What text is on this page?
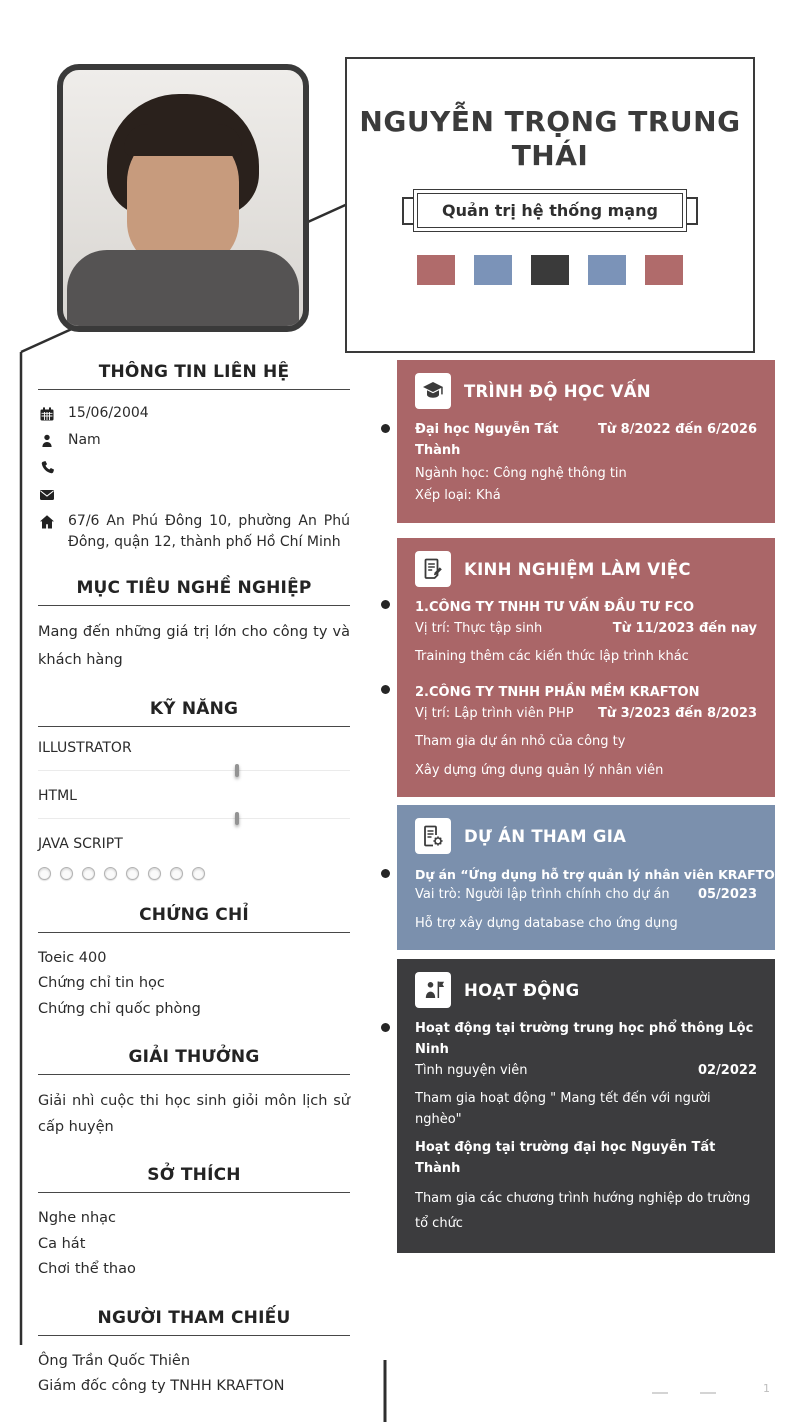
NGUYỄN TRỌNG TRUNG
THÁI
Quản trị hệ thống mạng
THÔNG TIN LIÊN HỆ
15/06/2004
Nam
67/6 An Phú Đông 10, phường An Phú Đông, quận 12, thành phố Hồ Chí Minh
MỤC TIÊU NGHỀ NGHIỆP

Mang đến những giá trị lớn cho công ty và khách hàng

KỸ NĂNG
ILLUSTRATOR
HTML
JAVA SCRIPT
CHỨNG CHỈ
Toeic 400
Chứng chỉ tin học
Chứng chỉ quốc phòng
GIẢI THƯỞNG

Giải nhì cuộc thi học sinh giỏi môn lịch sử cấp huyện

SỞ THÍCH
Nghe nhạc
Ca hát
Chơi thể thao
NGƯỜI THAM CHIẾU
Ông Trần Quốc Thiên
Giám đốc công ty TNHH KRAFTON
TRÌNH ĐỘ HỌC VẤN
Đại học Nguyễn Tất Thành
Từ 8/2022 đến 6/2026
Ngành học: Công nghệ thông tin
Xếp loại: Khá
KINH NGHIỆM LÀM VIỆC
1.CÔNG TY TNHH TƯ VẤN ĐẦU TƯ FCO
Vị trí: Thực tập sinh	Từ 11/2023 đến nay
Training thêm các kiến thức lập trình khác
2.CÔNG TY TNHH PHẦN MỀM KRAFTON
Vị trí: Lập trình viên PHP Từ 3/2023 đến 8/2023
Tham gia dự án nhỏ của công ty
Xây dựng ứng dụng quản lý nhân viên
DỰ ÁN THAM GIA
Dự án “Ứng dụng hỗ trợ quản lý nhân viên KRAFTON”
Vai trò: Người lập trình chính cho dự án 05/2023
Hỗ trợ xây dựng database cho ứng dụng
HOẠT ĐỘNG
Hoạt động tại trường trung học phổ thông Lộc Ninh
Tình nguyện viên	02/2022
Tham gia hoạt động " Mang tết đến với người nghèo"
Hoạt động tại trường đại học Nguyễn Tất Thành
Tham gia các chương trình hướng nghiệp do trường tổ chức
1
